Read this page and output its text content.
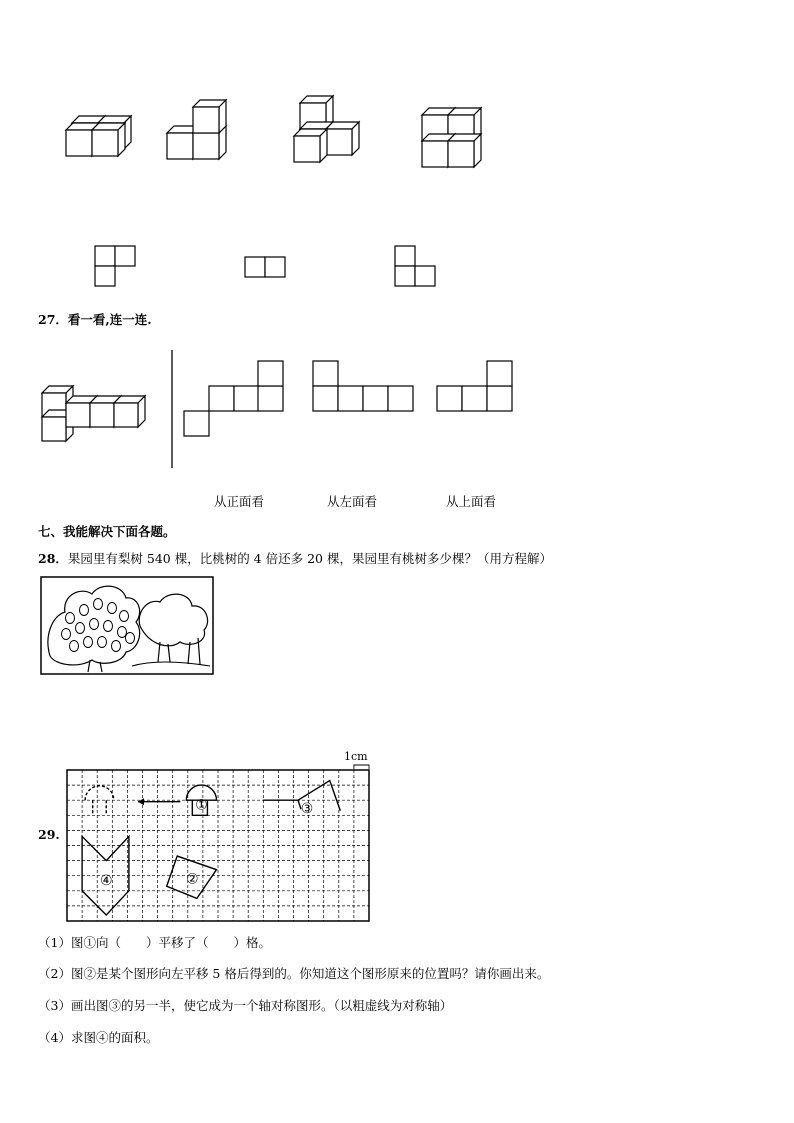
27．看一看,连一连.
从正面看	从左面看	从上面看
七、我能解决下面各题。
28．果园里有梨树 540 棵，比桃树的 4 倍还多 20 棵，果园里有桃树多少棵？（用方程解）
29.
1cm
①
②
③
④
（1）图①向（　　）平移了（　　）格。
（2）图②是某个图形向左平移 5 格后得到的。你知道这个图形原来的位置吗？请你画出来。
（3）画出图③的另一半，使它成为一个轴对称图形。（以粗虚线为对称轴）
（4）求图④的面积。
